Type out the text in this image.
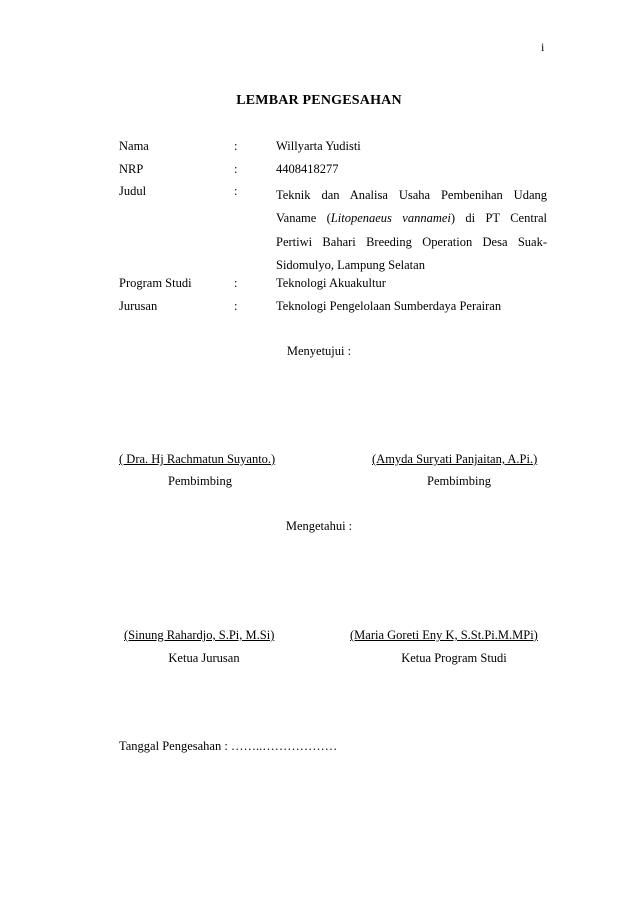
i
LEMBAR PENGESAHAN
Nama	:	Willyarta Yudisti
NRP	:	4408418277
Judul	:	Teknik dan Analisa Usaha Pembenihan Udang Vaname (Litopenaeus vannamei) di PT Central Pertiwi Bahari Breeding Operation Desa Suak-Sidomulyo, Lampung Selatan
Program Studi	:	Teknologi Akuakultur
Jurusan	:	Teknologi Pengelolaan Sumberdaya Perairan
Menyetujui :
( Dra. Hj Rachmatun Suyanto.)	(Amyda Suryati Panjaitan, A.Pi.)
Pembimbing	Pembimbing
Mengetahui :
(Sinung Rahardjo, S.Pi, M.Si)	(Maria Goreti Eny K, S.St.Pi.M.MPi)
Ketua Jurusan	Ketua Program Studi
Tanggal Pengesahan : ……..………………
